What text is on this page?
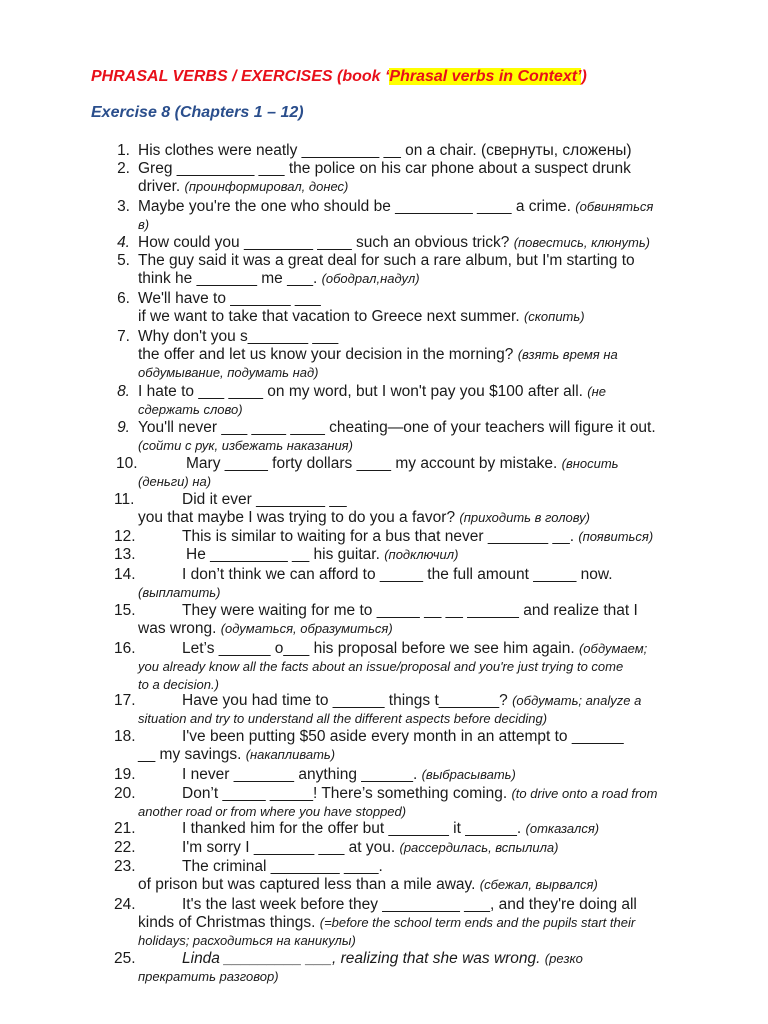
PHRASAL VERBS / EXERCISES (book ‘Phrasal verbs in Context’)
Exercise 8 (Chapters 1 – 12)
1. His clothes were neatly _________ __ on a chair. (свернуты, сложены)
2. Greg _________ ___ the police on his car phone about a suspect drunk
driver. (проинформировал, донес)
3. Maybe you're the one who should be _________ ____ a crime. (обвиняться
в)
4. How could you ________ ____ such an obvious trick? (повестись, клюнуть)
5. The guy said it was a great deal for such a rare album, but I'm starting to
think he _______ me ___. (ободрал,надул)
6. We'll have to _______ ___
if we want to take that vacation to Greece next summer. (скопить)
7. Why don't you s_______ ___
the offer and let us know your decision in the morning? (взять время на
обдумывание, подумать над)
8. I hate to ___ ____ on my word, but I won't pay you $100 after all. (не
сдержать слово)
9. You'll never ___ ____ ____ cheating—one of your teachers will figure it out.
(сойти с рук, избежать наказания)
10.	Mary _____ forty dollars ____ my account by mistake. (вносить
(деньги) на)
11.	Did it ever ________ __
you that maybe I was trying to do you a favor? (приходить в голову)
12.	This is similar to waiting for a bus that never _______ __. (появиться)
13.	He _________ __ his guitar. (подключил)
14.	I don’t think we can afford to _____ the full amount _____ now.
(выплатить)
15.	They were waiting for me to _____ __ __ ______ and realize that I
was wrong. (одуматься, образумиться)
16.	Let’s ______ o___ his proposal before we see him again. (обдумаем;
you already know all the facts about an issue/proposal and you're just trying to come
to a decision.)
17.	Have you had time to ______ things t_______? (обдумать; analyze a
situation and try to understand all the different aspects before deciding)
18.	I've been putting $50 aside every month in an attempt to ______
__ my savings. (накапливать)
19.	I never _______ anything ______. (выбрасывать)
20.	Don’t _____ _____! There’s something coming. (to drive onto a road from
another road or from where you have stopped)
21.	I thanked him for the offer but _______ it ______. (отказался)
22.	I'm sorry I _______ ___ at you. (рассердилась, вспылила)
23.	The criminal ________ ____.
of prison but was captured less than a mile away. (сбежал, вырвался)
24.	It's the last week before they _________ ___, and they're doing all
kinds of Christmas things. (=before the school term ends and the pupils start their
holidays; расходиться на каникулы)
25.	Linda _________ ___, realizing that she was wrong. (резко
прекратить разговор)
